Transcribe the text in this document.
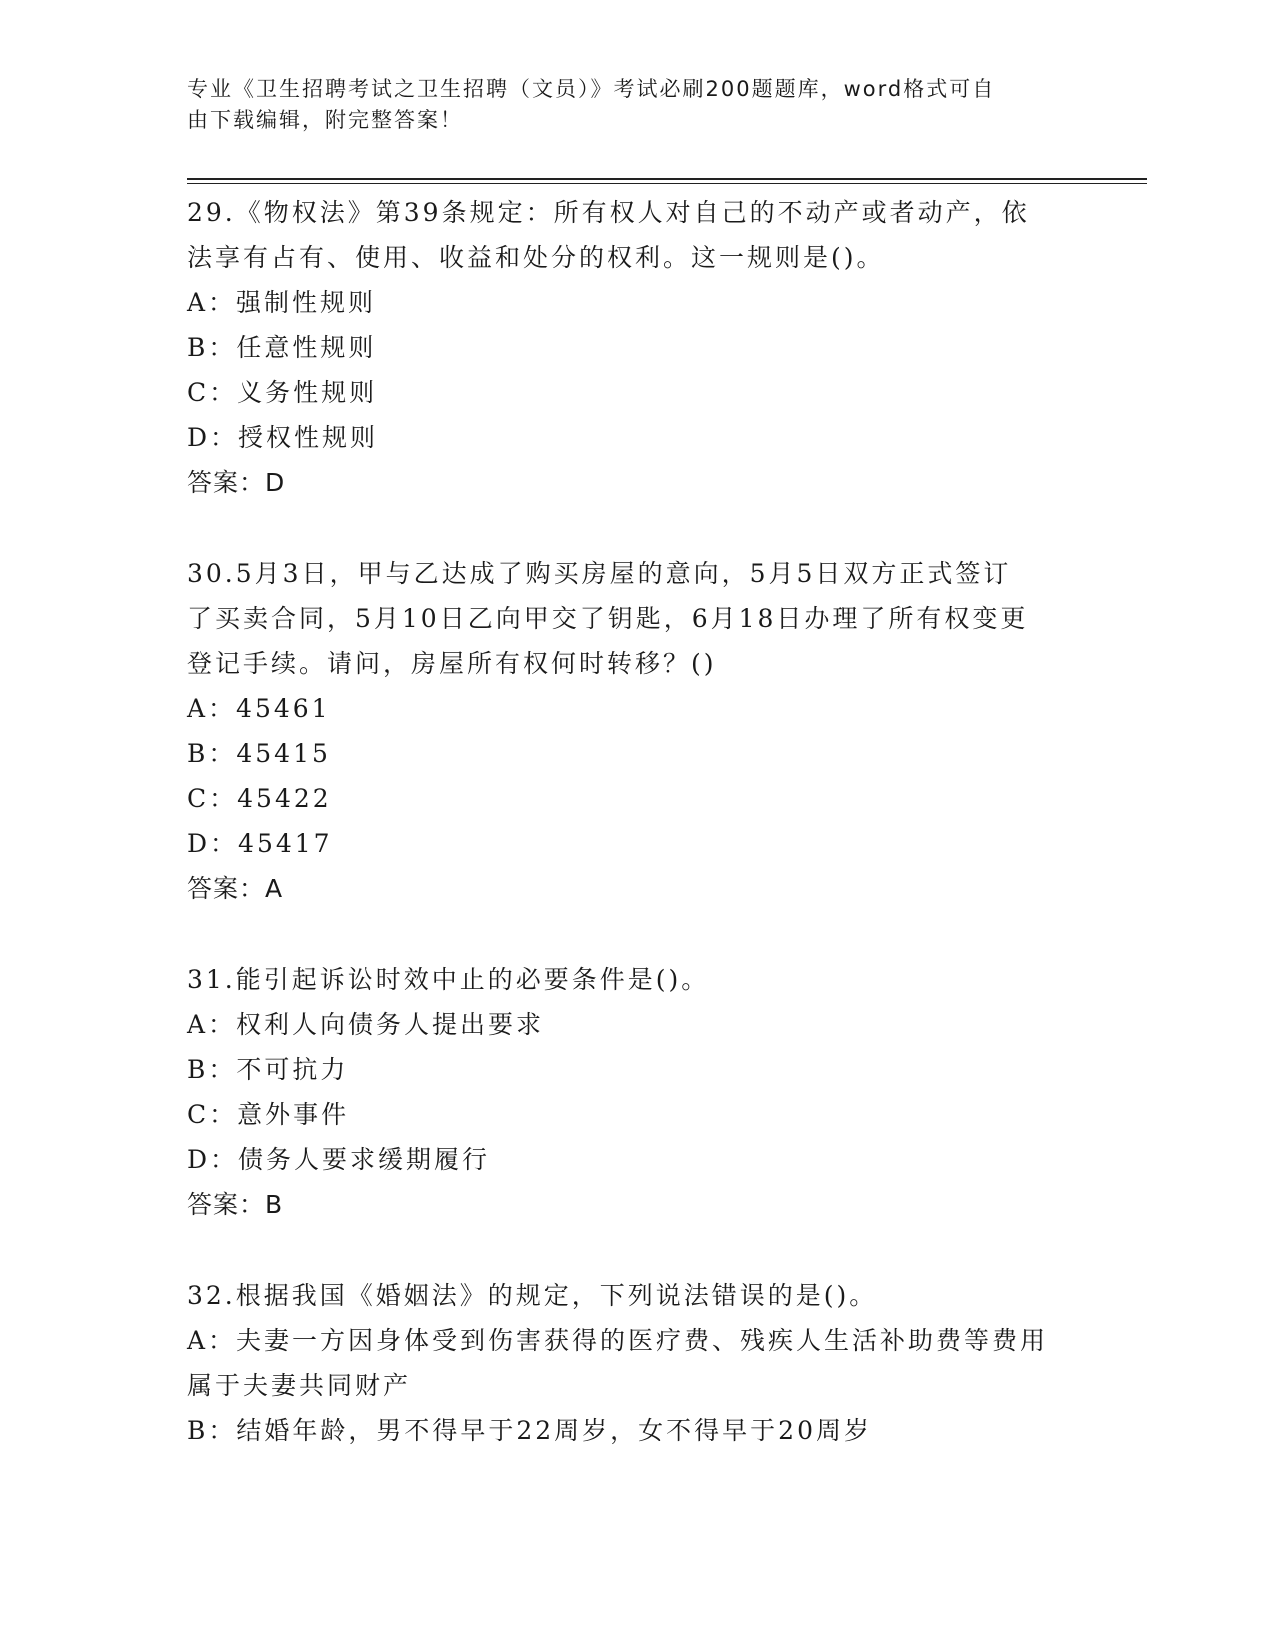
专业《卫生招聘考试之卫生招聘（文员）》考试必刷200题题库，word格式可自
由下载编辑，附完整答案！
29.《物权法》第39条规定：所有权人对自己的不动产或者动产，依
法享有占有、使用、收益和处分的权利。这一规则是()。
A：强制性规则
B：任意性规则
C：义务性规则
D：授权性规则
答案：D
30.5月3日，甲与乙达成了购买房屋的意向，5月5日双方正式签订
了买卖合同，5月10日乙向甲交了钥匙，6月18日办理了所有权变更
登记手续。请问，房屋所有权何时转移？()
A：45461
B：45415
C：45422
D：45417
答案：A
31.能引起诉讼时效中止的必要条件是()。
A：权利人向债务人提出要求
B：不可抗力
C：意外事件
D：债务人要求缓期履行
答案：B
32.根据我国《婚姻法》的规定，下列说法错误的是()。
A：夫妻一方因身体受到伤害获得的医疗费、残疾人生活补助费等费用
属于夫妻共同财产
B：结婚年龄，男不得早于22周岁，女不得早于20周岁
